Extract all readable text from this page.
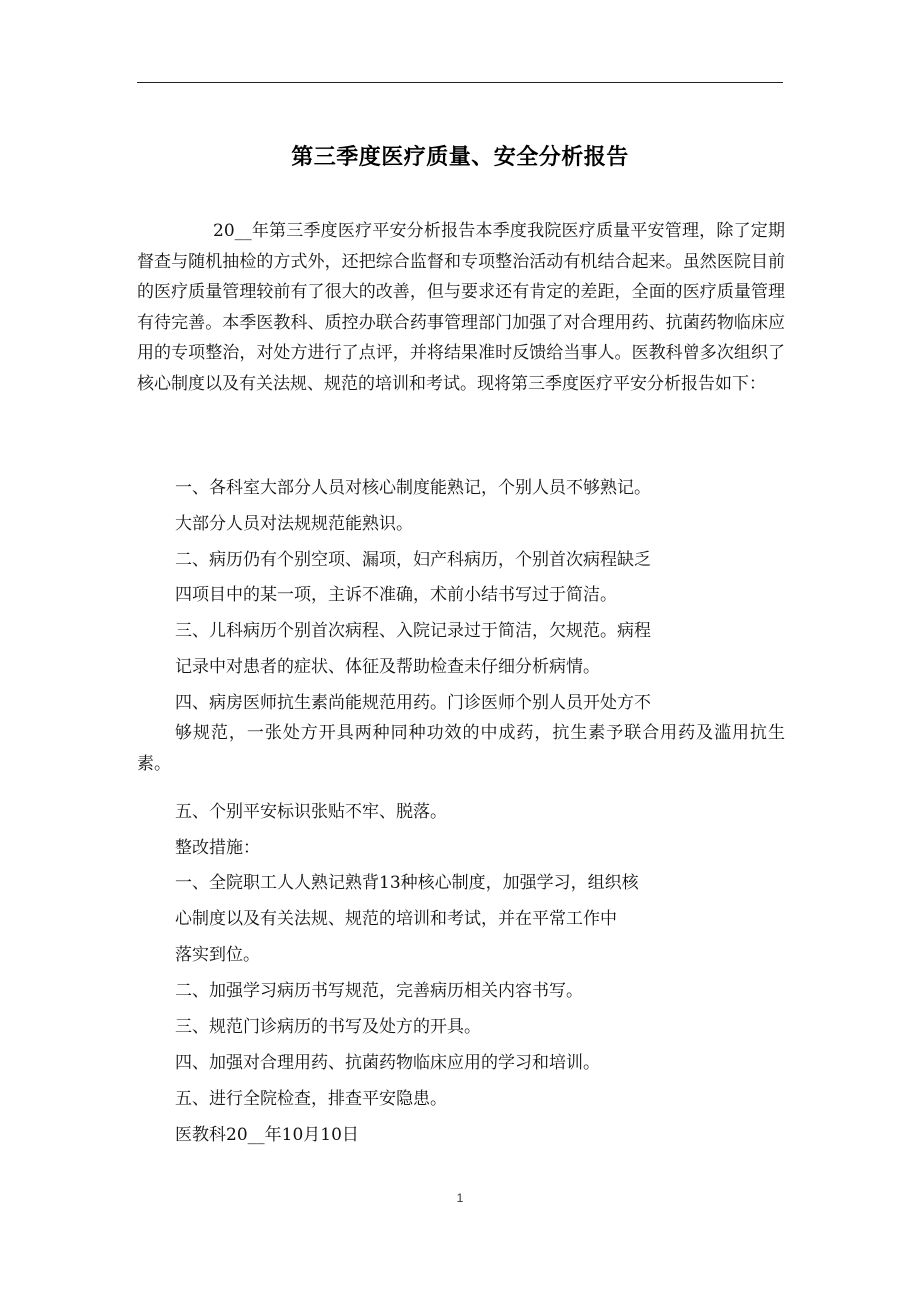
第三季度医疗质量、安全分析报告

20__年第三季度医疗平安分析报告本季度我院医疗质量平安管理，除了定期督查与随机抽检的方式外，还把综合监督和专项整治活动有机结合起来。虽然医院目前的医疗质量管理较前有了很大的改善，但与要求还有肯定的差距，全面的医疗质量管理有待完善。本季医教科、质控办联合药事管理部门加强了对合理用药、抗菌药物临床应用的专项整治，对处方进行了点评，并将结果准时反馈给当事人。医教科曾多次组织了核心制度以及有关法规、规范的培训和考试。现将第三季度医疗平安分析报告如下：

一、各科室大部分人员对核心制度能熟记，个别人员不够熟记。

大部分人员对法规规范能熟识。

二、病历仍有个别空项、漏项，妇产科病历，个别首次病程缺乏

四项目中的某一项，主诉不准确，术前小结书写过于简洁。

三、儿科病历个别首次病程、入院记录过于简洁，欠规范。病程

记录中对患者的症状、体征及帮助检查未仔细分析病情。

四、病房医师抗生素尚能规范用药。门诊医师个别人员开处方不

够规范，一张处方开具两种同种功效的中成药，抗生素予联合用药及滥用抗生素。

五、个别平安标识张贴不牢、脱落。

整改措施：

一、全院职工人人熟记熟背13种核心制度，加强学习，组织核

心制度以及有关法规、规范的培训和考试，并在平常工作中

落实到位。

二、加强学习病历书写规范，完善病历相关内容书写。

三、规范门诊病历的书写及处方的开具。

四、加强对合理用药、抗菌药物临床应用的学习和培训。

五、进行全院检查，排查平安隐患。

医教科20__年10月10日

1
